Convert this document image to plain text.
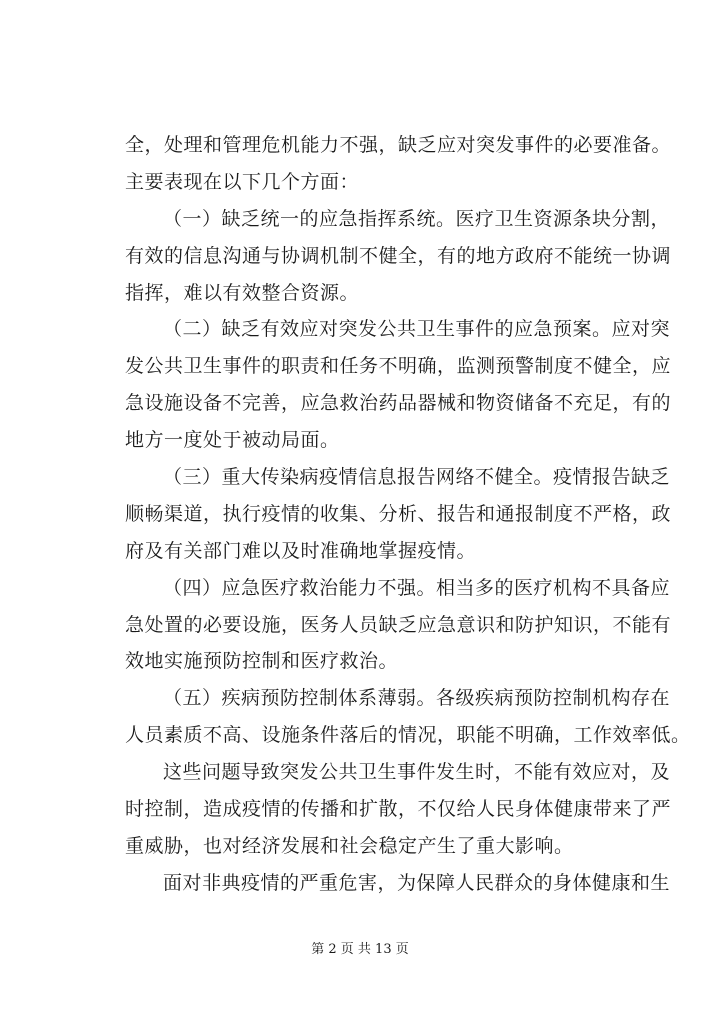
全，处理和管理危机能力不强，缺乏应对突发事件的必要准备。
主要表现在以下几个方面：
（一）缺乏统一的应急指挥系统。医疗卫生资源条块分割，
有效的信息沟通与协调机制不健全，有的地方政府不能统一协调
指挥，难以有效整合资源。
（二）缺乏有效应对突发公共卫生事件的应急预案。应对突
发公共卫生事件的职责和任务不明确，监测预警制度不健全，应
急设施设备不完善，应急救治药品器械和物资储备不充足，有的
地方一度处于被动局面。
（三）重大传染病疫情信息报告网络不健全。疫情报告缺乏
顺畅渠道，执行疫情的收集、分析、报告和通报制度不严格，政
府及有关部门难以及时准确地掌握疫情。
（四）应急医疗救治能力不强。相当多的医疗机构不具备应
急处置的必要设施，医务人员缺乏应急意识和防护知识，不能有
效地实施预防控制和医疗救治。
（五）疾病预防控制体系薄弱。各级疾病预防控制机构存在
人员素质不高、设施条件落后的情况，职能不明确，工作效率低。
这些问题导致突发公共卫生事件发生时，不能有效应对，及
时控制，造成疫情的传播和扩散，不仅给人民身体健康带来了严
重威胁，也对经济发展和社会稳定产生了重大影响。
面对非典疫情的严重危害，为保障人民群众的身体健康和生
第 2 页 共 13 页
